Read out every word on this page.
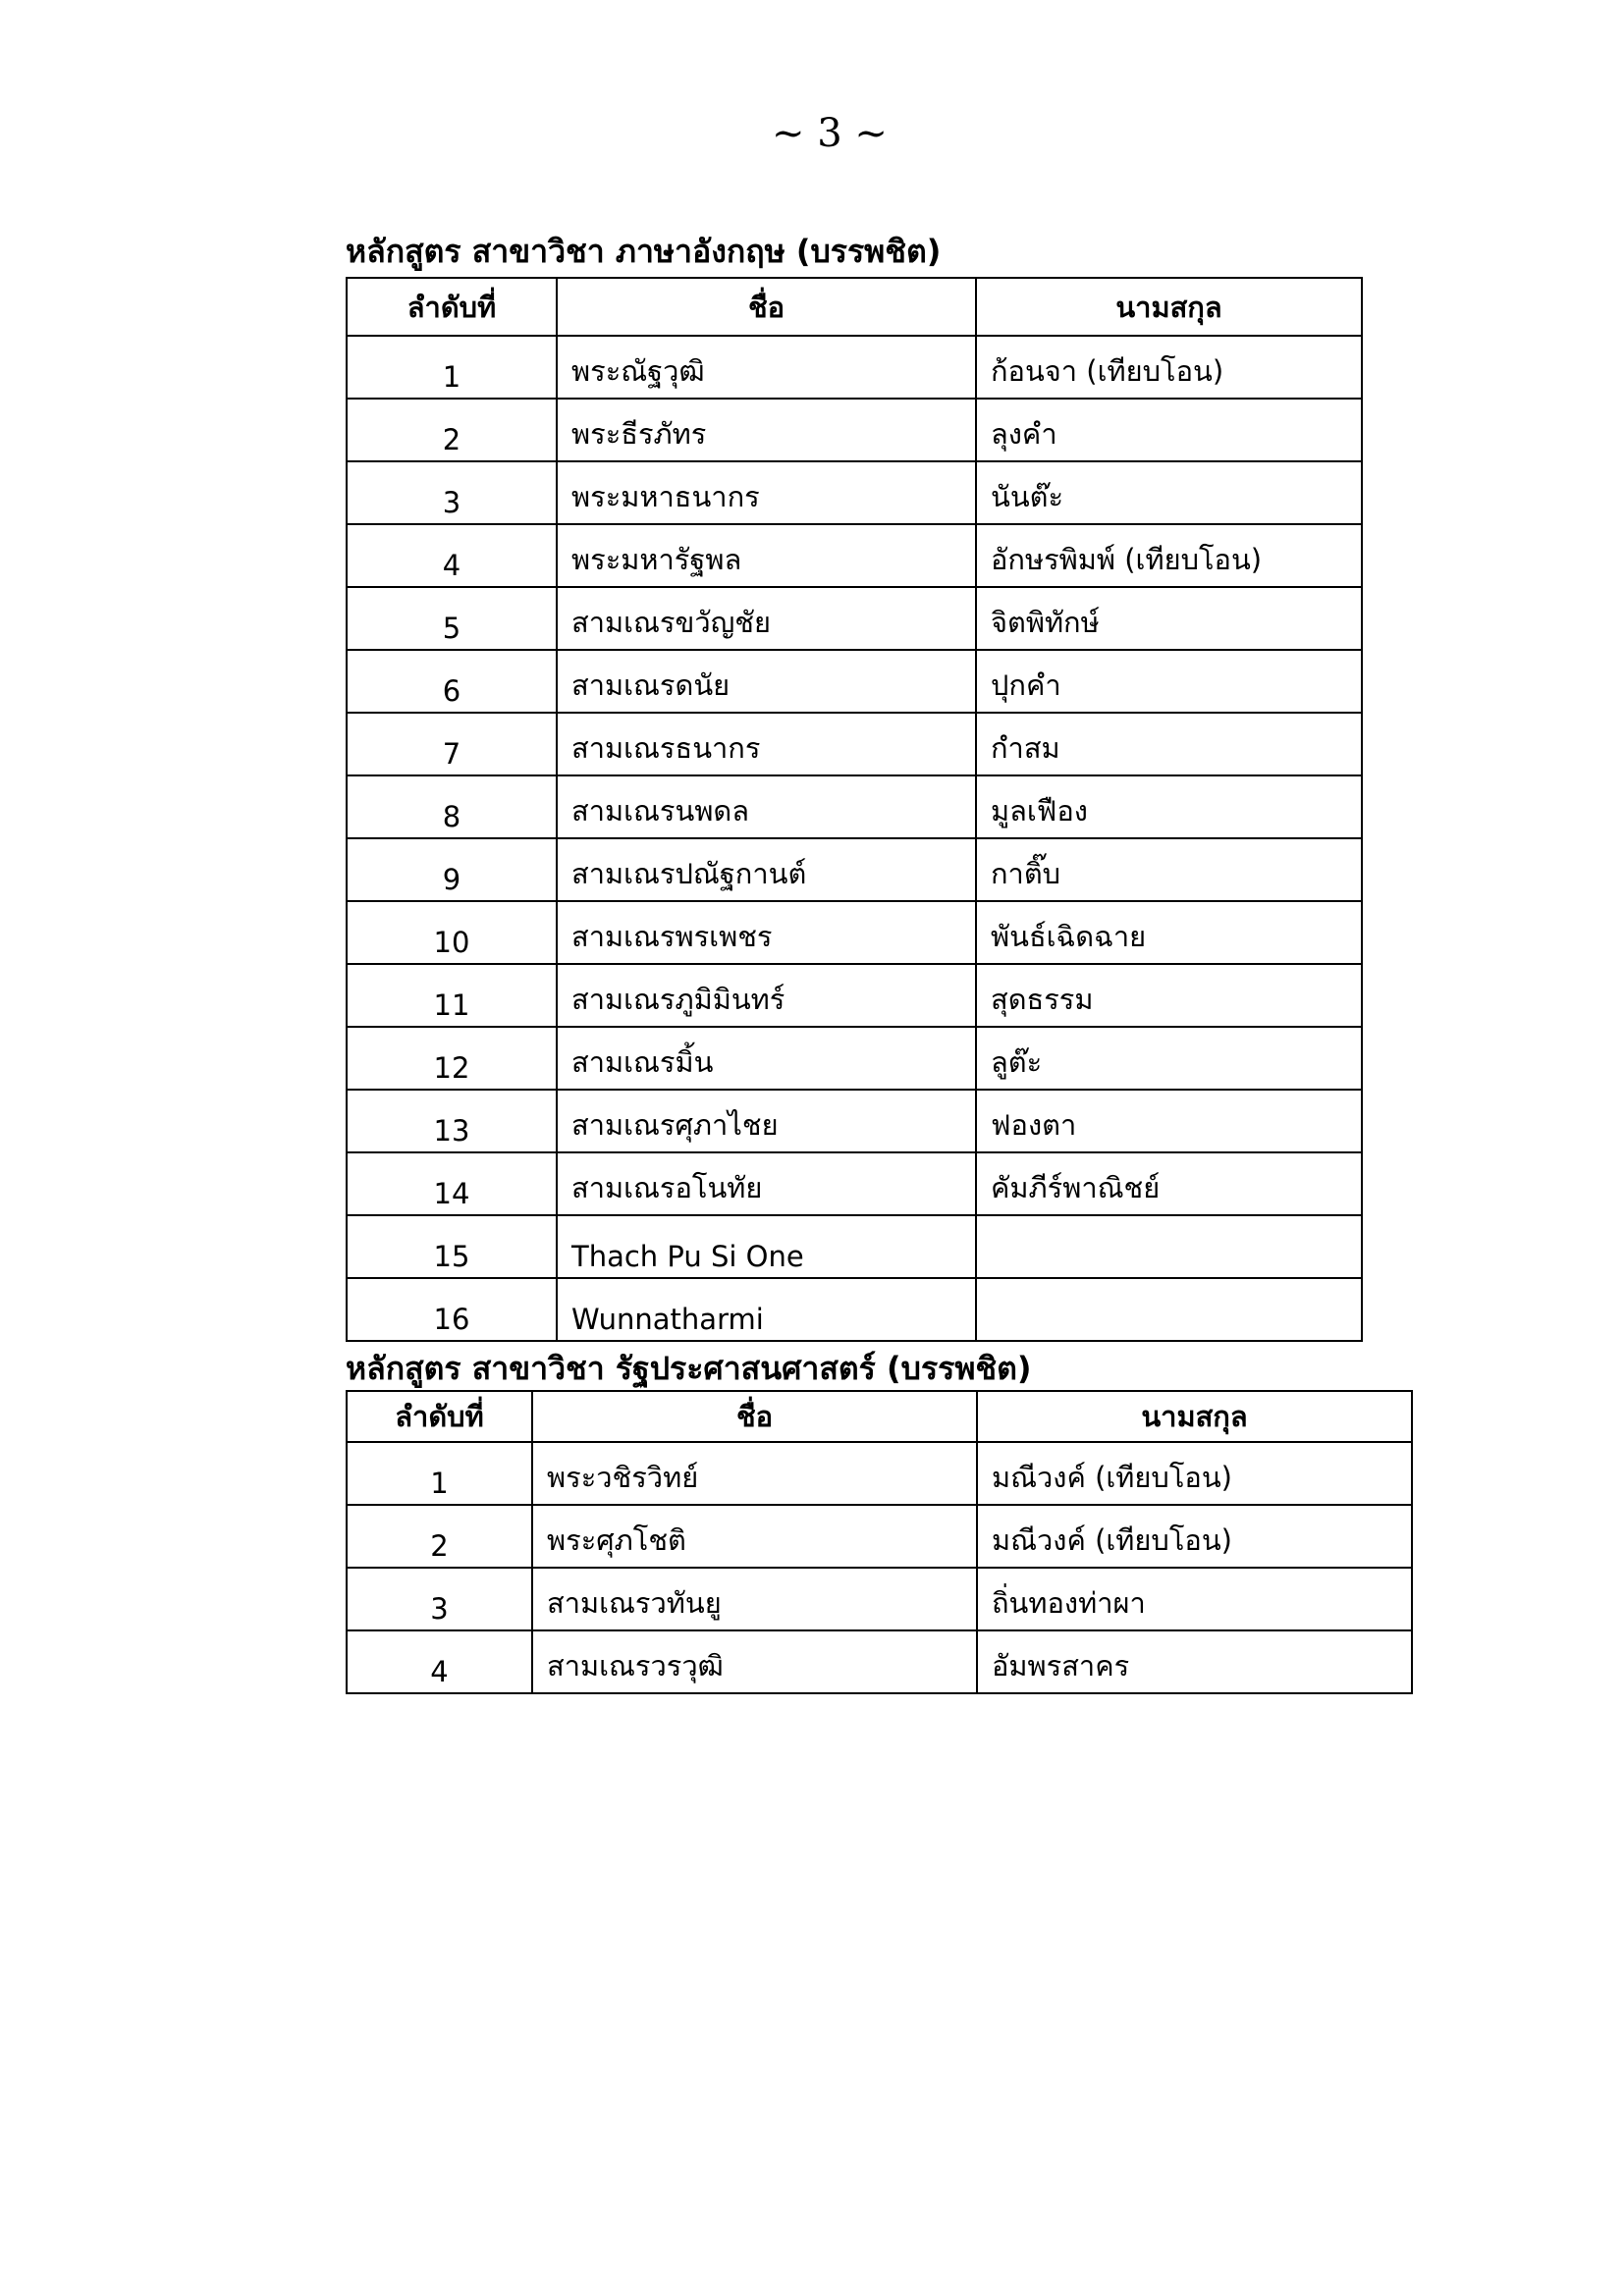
~ 3 ~
หลักสูตร สาขาวิชา ภาษาอังกฤษ (บรรพชิต)
ลำดับที่	ชื่อ	นามสกุล
1	พระณัฐวุฒิ	ก้อนจา (เทียบโอน)
2	พระธีรภัทร	ลุงคำ
3	พระมหาธนากร	นันต๊ะ
4	พระมหารัฐพล	อักษรพิมพ์ (เทียบโอน)
5	สามเณรขวัญชัย	จิตพิทักษ์
6	สามเณรดนัย	ปุกคำ
7	สามเณรธนากร	กำสม
8	สามเณรนพดล	มูลเฟือง
9	สามเณรปณัฐกานต์	กาติ๊บ
10	สามเณรพรเพชร	พันธ์เฉิดฉาย
11	สามเณรภูมิมินทร์	สุดธรรม
12	สามเณรมิ้น	ลูต๊ะ
13	สามเณรศุภาไชย	ฟองตา
14	สามเณรอโนทัย	คัมภีร์พาณิชย์
15	Thach Pu Si One	
16	Wunnatharmi	
หลักสูตร สาขาวิชา รัฐประศาสนศาสตร์ (บรรพชิต)
ลำดับที่	ชื่อ	นามสกุล
1	พระวชิรวิทย์	มณีวงค์ (เทียบโอน)
2	พระศุภโชติ	มณีวงค์ (เทียบโอน)
3	สามเณรวทันยู	ถิ่นทองท่าผา
4	สามเณรวรวุฒิ	อัมพรสาคร
